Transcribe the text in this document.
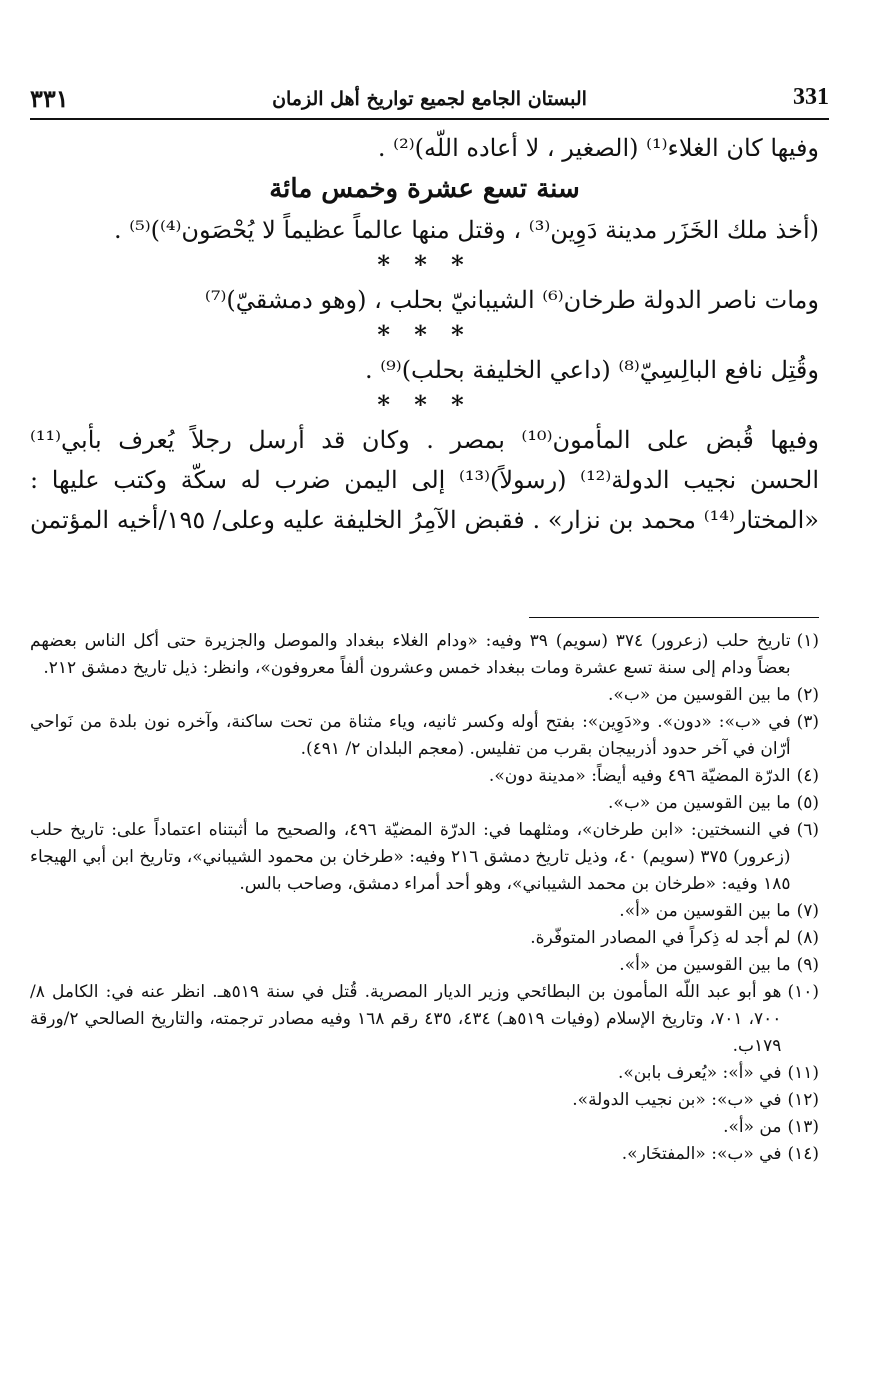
٣٣١	البستان الجامع لجميع تواريخ أهل الزمان	331
وفيها كان الغلاء⁽¹⁾ (الصغير ، لا أعاده اللّه)⁽²⁾ .
سنة تسع عشرة وخمس مائة
(أخذ ملك الخَزَر مدينة دَوِين⁽³⁾ ، وقتل منها عالماً عظيماً لا يُحْصَون⁽⁴⁾)⁽⁵⁾ .
* * *
ومات ناصر الدولة طرخان⁽⁶⁾ الشيبانيّ بحلب ، (وهو دمشقيّ)⁽⁷⁾
* * *
وقُتِل نافع البالِسِيّ⁽⁸⁾ (داعي الخليفة بحلب)⁽⁹⁾ .
* * *
وفيها قُبض على المأمون⁽¹⁰⁾ بمصر . وكان قد أرسل رجلاً يُعرف بأبي⁽¹¹⁾
الحسن نجيب الدولة⁽¹²⁾ (رسولاً)⁽¹³⁾ إلى اليمن ضرب له سكّة وكتب عليها :
«المختار⁽¹⁴⁾ محمد بن نزار» . فقبض الآمِرُ الخليفة عليه وعلى/ ١٩٥/أخيه المؤتمن
(١)
تاريخ حلب (زعرور) ٣٧٤ (سويم) ٣٩ وفيه: «ودام الغلاء ببغداد والموصل والجزيرة حتى أكل الناس بعضهم بعضاً ودام إلى سنة تسع عشرة ومات ببغداد خمس وعشرون ألفاً معروفون»، وانظر: ذيل تاريخ دمشق ٢١٢.
(٢)
ما بين القوسين من «ب».
(٣)
في «ب»: «دون». و«دَوِين»: بفتح أوله وكسر ثانيه، وياء مثناة من تحت ساكنة، وآخره نون بلدة من نَواحي أرّان في آخر حدود أذربيجان بقرب من تفليس. (معجم البلدان ٢/ ٤٩١).
(٤)
الدرّة المضيّة ٤٩٦ وفيه أيضاً: «مدينة دون».
(٥)
ما بين القوسين من «ب».
(٦)
في النسختين: «ابن طرخان»، ومثلهما في: الدرّة المضيّة ٤٩٦، والصحيح ما أثبتناه اعتماداً على: تاريخ حلب (زعرور) ٣٧٥ (سويم) ٤٠، وذيل تاريخ دمشق ٢١٦ وفيه: «طرخان بن محمود الشيباني»، وتاريخ ابن أبي الهيجاء ١٨٥ وفيه: «طرخان بن محمد الشيباني»، وهو أحد أمراء دمشق، وصاحب بالس.
(٧)
ما بين القوسين من «أ».
(٨)
لم أجد له ذِكراً في المصادر المتوفّرة.
(٩)
ما بين القوسين من «أ».
(١٠)
هو أبو عبد اللّه المأمون بن البطائحي وزير الديار المصرية. قُتل في سنة ٥١٩هـ. انظر عنه في: الكامل ٨/ ٧٠٠، ٧٠١، وتاريخ الإسلام (وفيات ٥١٩هـ) ٤٣٤، ٤٣٥ رقم ١٦٨ وفيه مصادر ترجمته، والتاريخ الصالحي ٢/ورقة ١٧٩ب.
(١١)
في «أ»: «يُعرف بابن».
(١٢)
في «ب»: «بن نجيب الدولة».
(١٣)
من «أ».
(١٤)
في «ب»: «المفتخَار».
